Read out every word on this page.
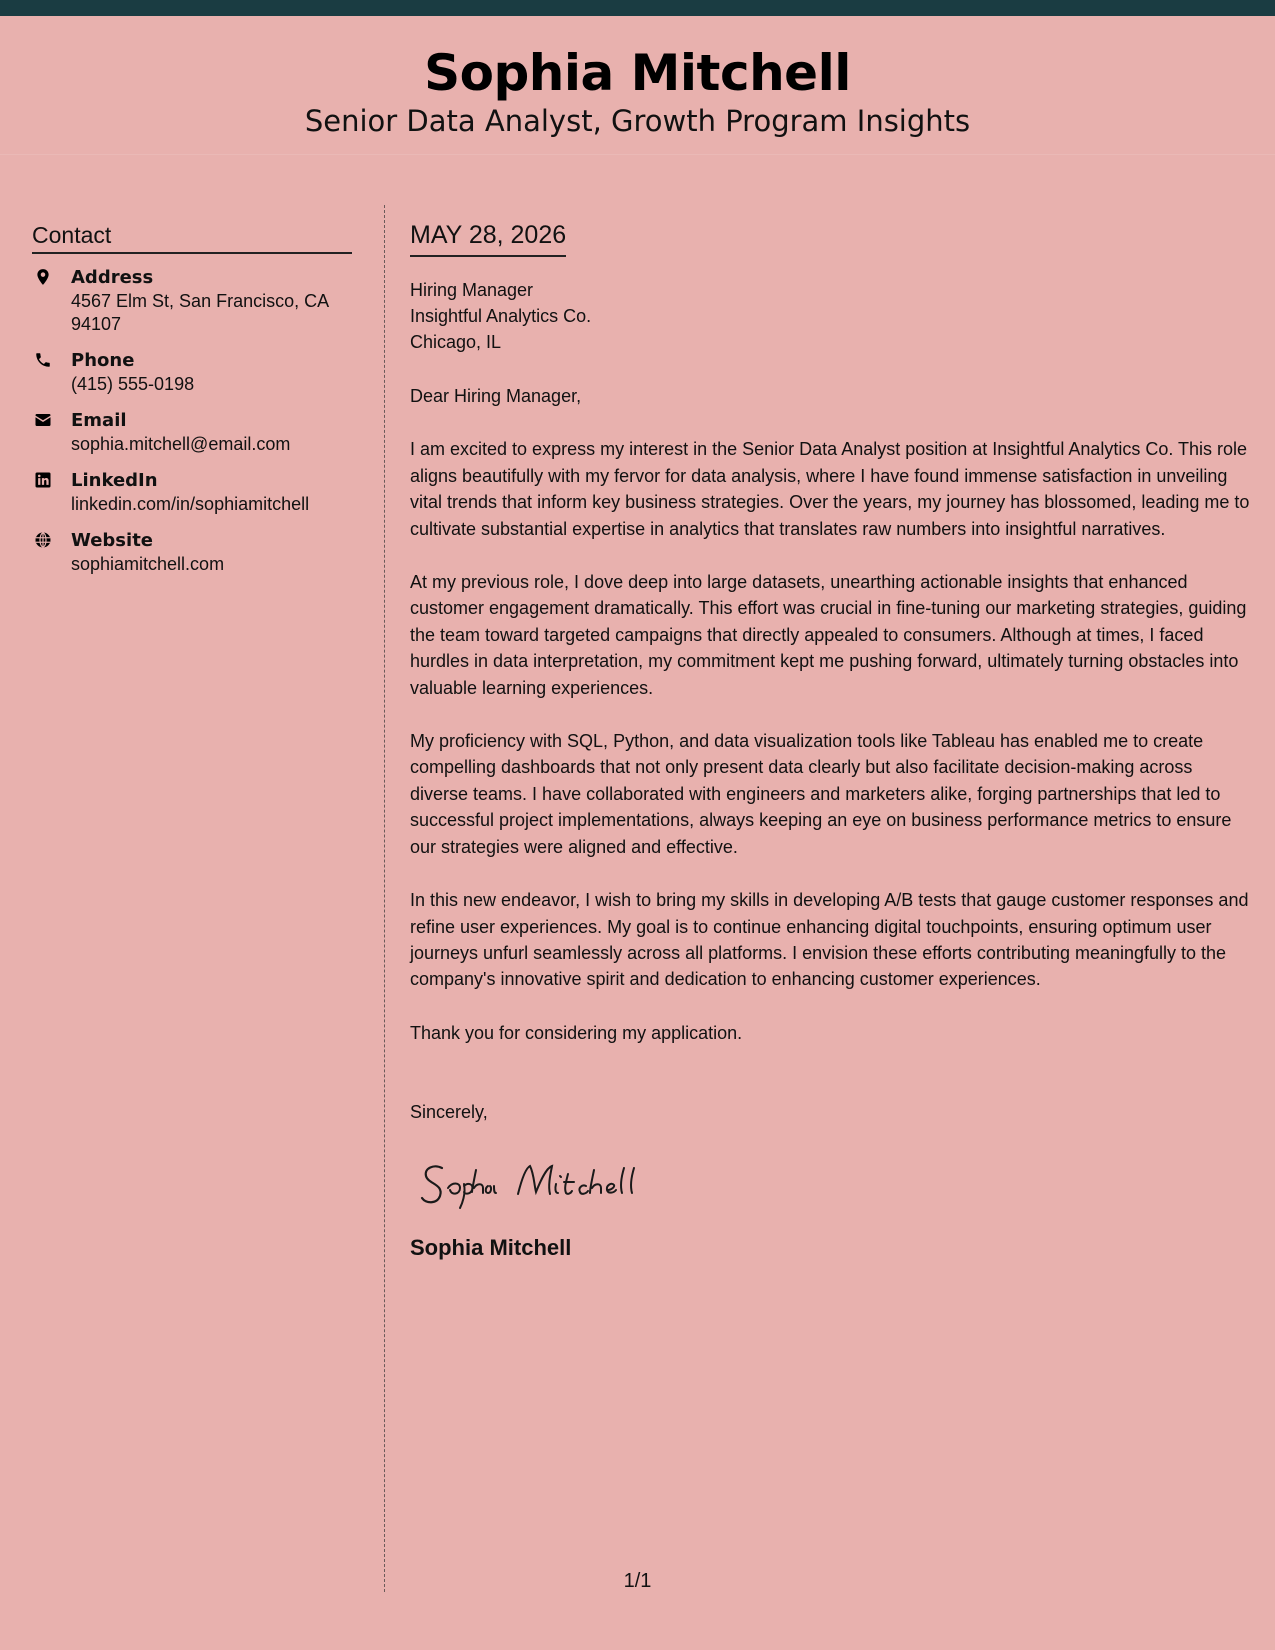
Sophia Mitchell
Senior Data Analyst, Growth Program Insights
Contact
Address
4567 Elm St, San Francisco, CA 94107
Phone
(415) 555-0198
Email
sophia.mitchell@email.com
LinkedIn
linkedin.com/in/sophiamitchell
Website
sophiamitchell.com
MAY 28, 2026
Hiring Manager
Insightful Analytics Co.
Chicago, IL
Dear Hiring Manager,

I am excited to express my interest in the Senior Data Analyst position at Insightful Analytics Co. This role aligns beautifully with my fervor for data analysis, where I have found immense satisfaction in unveiling vital trends that inform key business strategies. Over the years, my journey has blossomed, leading me to cultivate substantial expertise in analytics that translates raw numbers into insightful narratives.

At my previous role, I dove deep into large datasets, unearthing actionable insights that enhanced customer engagement dramatically. This effort was crucial in fine-tuning our marketing strategies, guiding the team toward targeted campaigns that directly appealed to consumers. Although at times, I faced hurdles in data interpretation, my commitment kept me pushing forward, ultimately turning obstacles into valuable learning experiences.

My proficiency with SQL, Python, and data visualization tools like Tableau has enabled me to create compelling dashboards that not only present data clearly but also facilitate decision-making across diverse teams. I have collaborated with engineers and marketers alike, forging partnerships that led to successful project implementations, always keeping an eye on business performance metrics to ensure our strategies were aligned and effective.

In this new endeavor, I wish to bring my skills in developing A/B tests that gauge customer responses and refine user experiences. My goal is to continue enhancing digital touchpoints, ensuring optimum user journeys unfurl seamlessly across all platforms. I envision these efforts contributing meaningfully to the company's innovative spirit and dedication to enhancing customer experiences.

Thank you for considering my application.

Sincerely,
Sophia Mitchell
1/1
